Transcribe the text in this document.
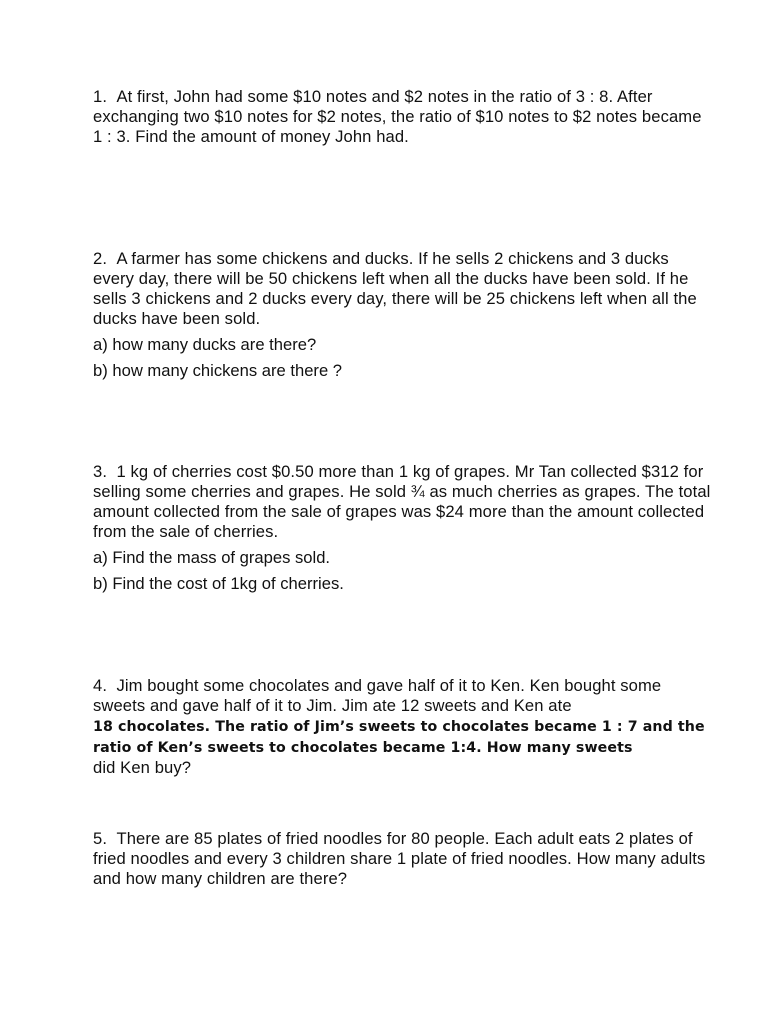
1. At first, John had some $10 notes and $2 notes in the ratio of 3 : 8. After exchanging two $10 notes for $2 notes, the ratio of $10 notes to $2 notes became 1 : 3. Find the amount of money John had.

2. A farmer has some chickens and ducks. If he sells 2 chickens and 3 ducks every day, there will be 50 chickens left when all the ducks have been sold. If he sells 3 chickens and 2 ducks every day, there will be 25 chickens left when all the ducks have been sold.

a) how many ducks are there?

b) how many chickens are there ?

3. 1 kg of cherries cost $0.50 more than 1 kg of grapes. Mr Tan collected $312 for selling some cherries and grapes. He sold ¾ as much cherries as grapes. The total amount collected from the sale of grapes was $24 more than the amount collected from the sale of cherries.

a) Find the mass of grapes sold.

b) Find the cost of 1kg of cherries.

4. Jim bought some chocolates and gave half of it to Ken. Ken bought some sweets and gave half of it to Jim. Jim ate 12 sweets and Ken ate
18 chocolates. The ratio of Jim’s sweets to chocolates became 1 : 7 and the ratio of Ken’s sweets to chocolates became 1:4. How many sweets
did Ken buy?

5. There are 85 plates of fried noodles for 80 people. Each adult eats 2 plates of fried noodles and every 3 children share 1 plate of fried noodles. How many adults and how many children are there?
